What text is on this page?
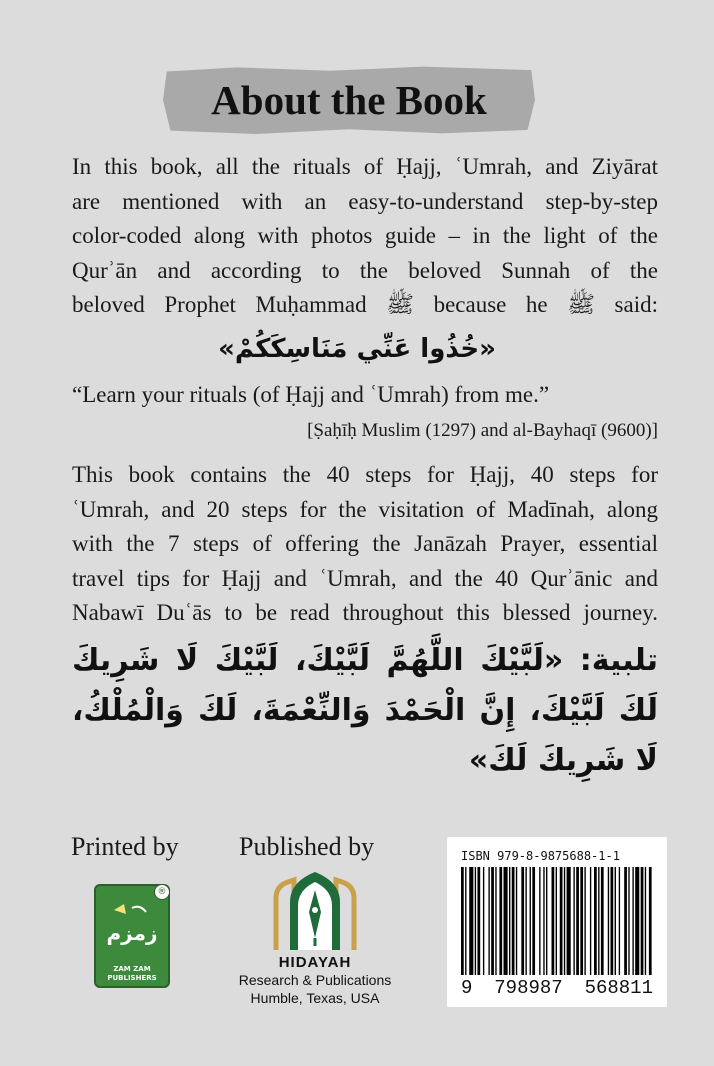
About the Book
In this book, all the rituals of Ḥajj, ʿUmrah, and Ziyārat
are mentioned with an easy-to-understand step-by-step
color-coded along with photos guide – in the light of the
Qurʾān and according to the beloved Sunnah of the
beloved Prophet Muḥammad ﷺ because he ﷺ said:
«خُذُوا عَنِّي مَنَاسِكَكُمْ»
“Learn your rituals (of Ḥajj and ʿUmrah) from me.”
[Ṣaḥīḥ Muslim (1297) and al-Bayhaqī (9600)]
This book contains the 40 steps for Ḥajj, 40 steps for
ʿUmrah, and 20 steps for the visitation of Madīnah, along
with the 7 steps of offering the Janāzah Prayer, essential
travel tips for Ḥajj and ʿUmrah, and the 40 Qurʾānic and
Nabawī Duʿās to be read throughout this blessed journey.
تلبية: «لَبَّيْكَ اللَّهُمَّ لَبَّيْكَ، لَبَّيْكَ لَا شَرِيكَ لَكَ لَبَّيْكَ، إِنَّ الْحَمْدَ وَالنِّعْمَةَ، لَكَ وَالْمُلْكُ، لَا شَرِيكَ لَكَ»
Printed by Published by
®
زمزم
ZAM ZAM
PUBLISHERS
HIDAYAH
Research & Publications
Humble, Texas, USA
ISBN 979-8-9875688-1-1
9 798987 568811
